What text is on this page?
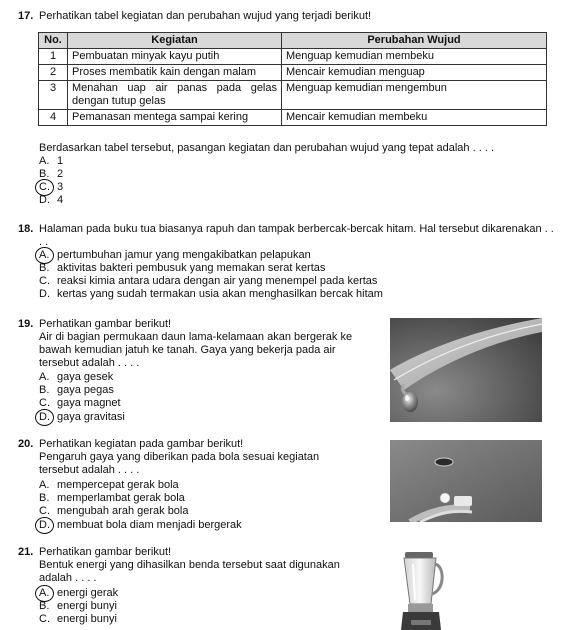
17. Perhatikan tabel kegiatan dan perubahan wujud yang terjadi berikut!
No.	Kegiatan	Perubahan Wujud
1	Pembuatan minyak kayu putih	Menguap kemudian membeku
2	Proses membatik kain dengan malam	Mencair kemudian menguap
3	Menahan uap air panas pada gelas dengan tutup gelas	Menguap kemudian mengembun
4	Pemanasan mentega sampai kering	Mencair kemudian membeku
Berdasarkan tabel tersebut, pasangan kegiatan dan perubahan wujud yang tepat adalah . . . .
A. 1
B. 2
C. 3
D. 4
18. Halaman pada buku tua biasanya rapuh dan tampak berbercak-bercak hitam. Hal tersebut dikarenakan . . . .
A. pertumbuhan jamur yang mengakibatkan pelapukan
B. aktivitas bakteri pembusuk yang memakan serat kertas
C. reaksi kimia antara udara dengan air yang menempel pada kertas
D. kertas yang sudah termakan usia akan menghasilkan bercak hitam
19. Perhatikan gambar berikut!
Air di bagian permukaan daun lama-kelamaan akan bergerak ke bawah kemudian jatuh ke tanah. Gaya yang bekerja pada air tersebut adalah . . . .
A. gaya gesek
B. gaya pegas
C. gaya magnet
D. gaya gravitasi
20. Perhatikan kegiatan pada gambar berikut!
Pengaruh gaya yang diberikan pada bola sesuai kegiatan tersebut adalah . . . .
A. mempercepat gerak bola
B. memperlambat gerak bola
C. mengubah arah gerak bola
D. membuat bola diam menjadi bergerak
21. Perhatikan gambar berikut!
Bentuk energi yang dihasilkan benda tersebut saat digunakan adalah . . . .
A. energi gerak
B. energi bunyi
C. energi bunyi
